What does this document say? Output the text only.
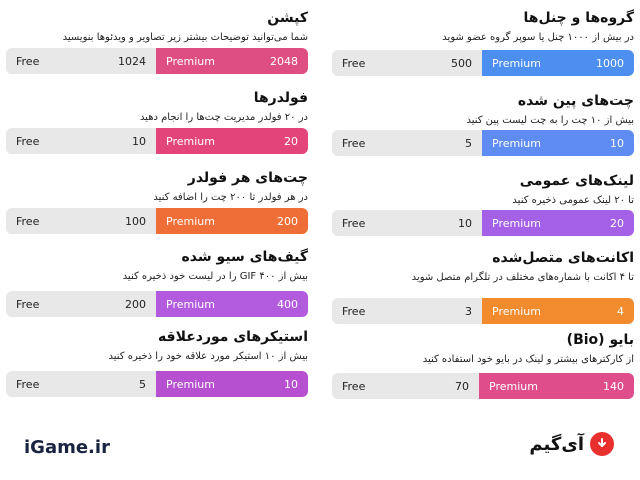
گروه‌ها و چنل‌ها
در بیش از ۱۰۰۰ چنل یا سوپر گروه عضو شوید
Free	500 Premium	1000
چت‌های پین شده
بیش از ۱۰ چت را به چت لیست پین کنید
Free	5 Premium	10
لینک‌های عمومی
تا ۲۰ لینک عمومی ذخیره کنید
Free	10 Premium	20
اکانت‌های متصل‌شده
تا ۴ اکانت با شماره‌های مختلف در تلگرام متصل شوید
Free	3 Premium	4
بایو (Bio)
از کارکترهای بیشتر و لینک در بایو خود استفاده کنید
Free	70 Premium	140
کپشن
شما می‌توانید توضیحات بیشتر زیر تصاویر و ویدئوها بنویسید
Free	1024 Premium	2048
فولدرها
در ۲۰ فولدر مدیریت چت‌ها را انجام دهید
Free	10 Premium	20
چت‌های هر فولدر
در هر فولدر تا ۲۰۰ چت را اضافه کنید
Free	100 Premium	200
گیف‌های سیو شده
بیش از ۴۰۰ GIF را در لیست خود ذخیره کنید
Free	200 Premium	400
استیکرهای موردعلاقه
بیش از ۱۰ استیکر مورد علاقه خود را ذخیره کنید
Free	5 Premium	10
iGame.ir	آی‌گیم
